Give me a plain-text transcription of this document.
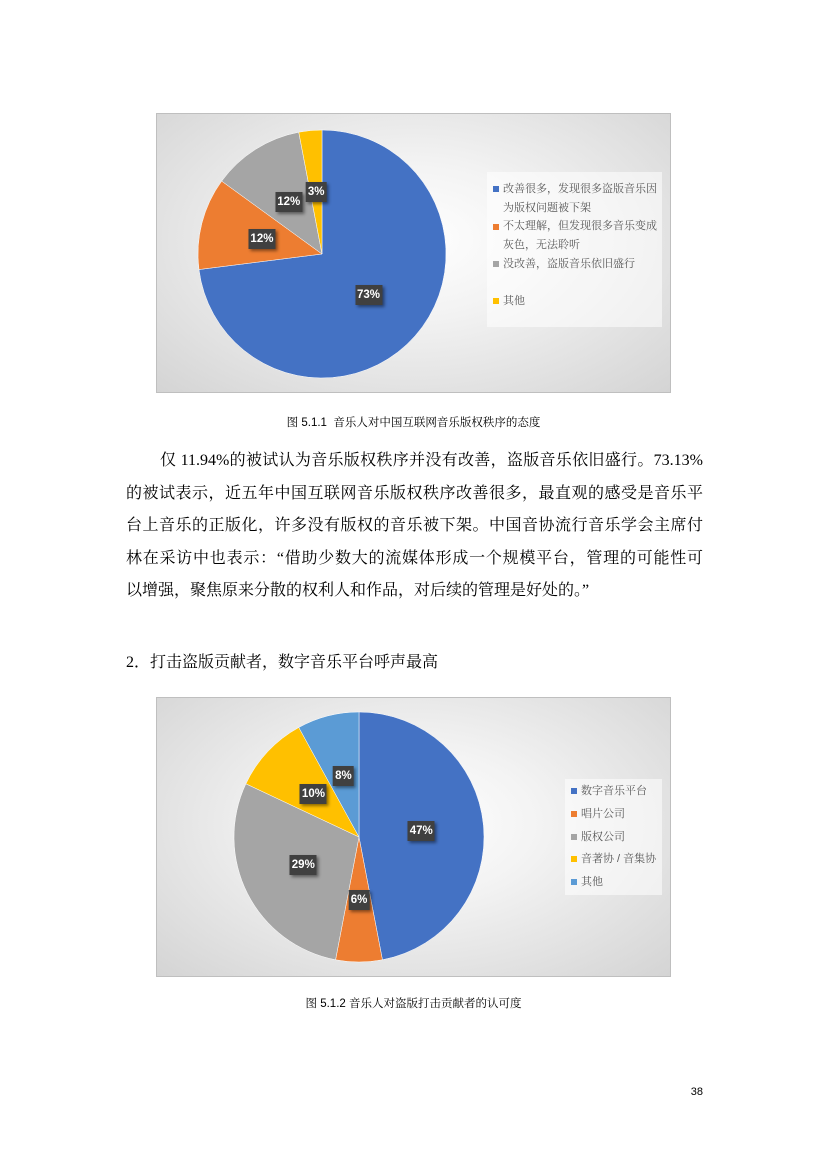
73%
12%
12%
3%	改善很多，发现很多盗版音乐因为版权问题被下架
不太理解，但发现很多音乐变成灰色，无法聆听
没改善，盗版音乐依旧盛行
其他
图 5.1.1  音乐人对中国互联网音乐版权秩序的态度
仅 11.94%的被试认为音乐版权秩序并没有改善，盗版音乐依旧盛行。73.13%
的被试表示，近五年中国互联网音乐版权秩序改善很多，最直观的感受是音乐平
台上音乐的正版化，许多没有版权的音乐被下架。中国音协流行音乐学会主席付
林在采访中也表示：“借助少数大的流媒体形成一个规模平台，管理的可能性可
以增强，聚焦原来分散的权利人和作品，对后续的管理是好处的。”
2．打击盗版贡献者，数字音乐平台呼声最高
47%
6%
29%
10%
8%
数字音乐平台
唱片公司
版权公司
音著协 / 音集协
其他
图 5.1.2 音乐人对盗版打击贡献者的认可度
38
